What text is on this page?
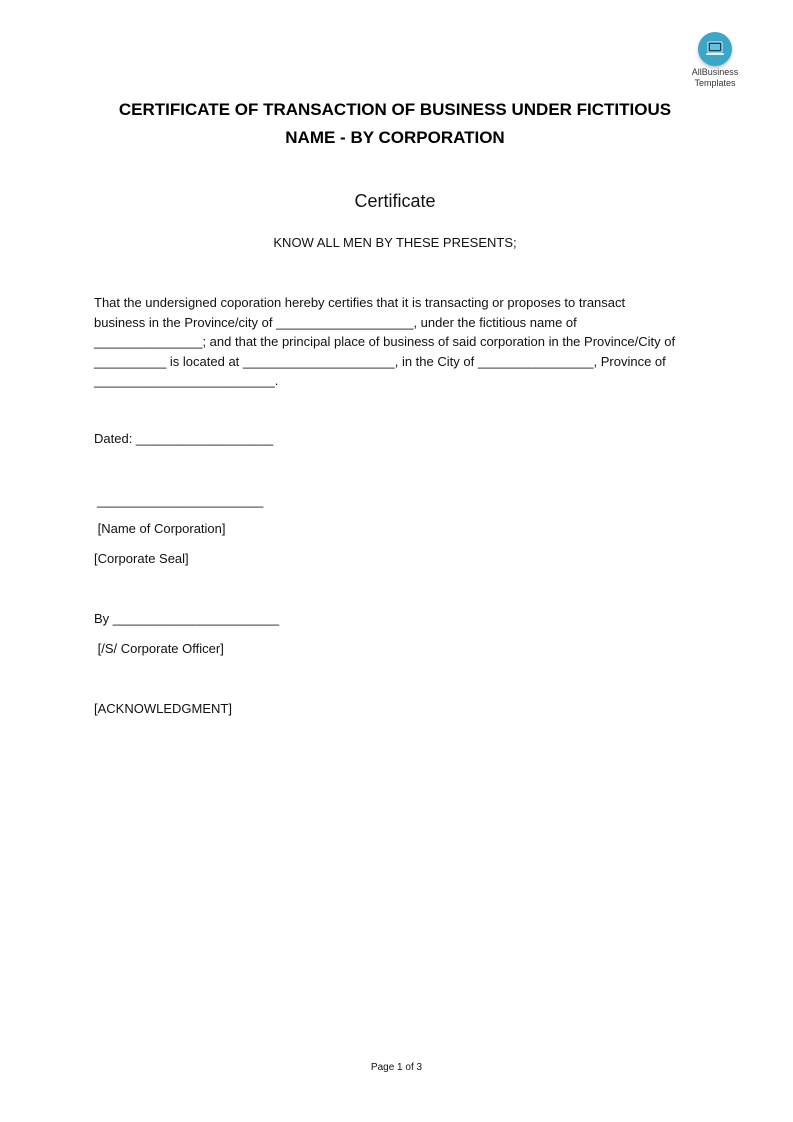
AllBusiness
Templates
CERTIFICATE OF TRANSACTION OF BUSINESS UNDER FICTITIOUS
NAME - BY CORPORATION
Certificate
KNOW ALL MEN BY THESE PRESENTS;
That the undersigned coporation hereby certifies that it is transacting or proposes to transact
business in the Province/city of ___________________, under the fictitious name of
_______________; and that the principal place of business of said corporation in the Province/City of
__________ is located at _____________________, in the City of ________________, Province of
_________________________.
Dated: ___________________
_______________________
[Name of Corporation]
[Corporate Seal]
By _______________________
[/S/ Corporate Officer]
[ACKNOWLEDGMENT]
Page 1 of 3
